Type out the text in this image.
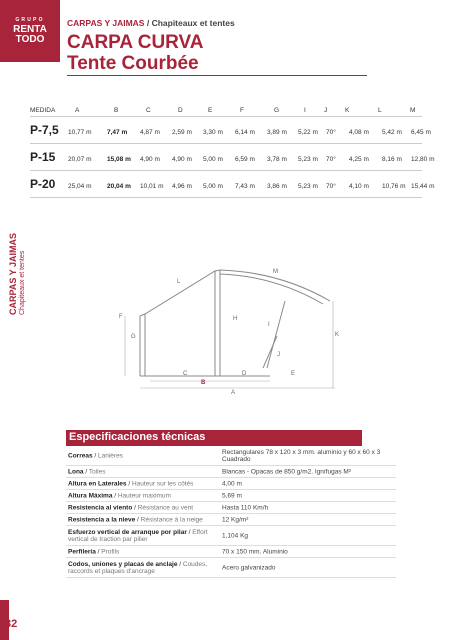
GRUPO
RENTA
TODO
CARPAS Y JAIMAS / Chapiteaux et tentes
CARPA CURVA
Tente Courbée
CARPAS Y JAIMAS Chapiteaux et tentes
MEDIDA	A	B	C	D	E	F	G	I	J	K	L	M
P-7,5 10,77 m 7,47 m 4,87 m 2,59 m 3,30 m 6,14 m 3,89 m 5,22 m 70° 4,08 m 5,42 m 6,45 m
P-15 20,07 m 15,08 m 4,90 m 4,90 m 5,00 m 6,59 m 3,78 m 5,23 m 70° 4,25 m 8,16 m 12,80 m
P-20 25,04 m 20,04 m 10,01 m 4,96 m 5,00 m 7,43 m 3,86 m 5,23 m 70° 4,10 m 10,76 m 15,44 m
L
M
F
G
H
K
I
J
C	D	E
B
A
Especificaciones técnicas
Correas / Lanières	Rectangulares 78 x 120 x 3 mm. aluminio y 60 x 60 x 3 Cuadrado
Lona / Toiles	Blancas - Opacas de 850 g/m2. Ignífugas M²
Altura en Laterales / Hauteur sur les côtés	4,00 m
Altura Máxima / Hauteur maximum	5,69 m
Resistencia al viento / Résistance au vent	Hasta 110 Km/h
Resistencia a la nieve / Résistance à la neige	12 Kg/m²
Esfuerzo vertical de arranque por pilar / Effort vertical de traction par pilier	1,104 Kg
Perfilería / Profils	70 x 150 mm. Aluminio
Codos, uniones y placas de anclaje / Coudes, raccords et plaques d'ancrage	Acero galvanizado
32
